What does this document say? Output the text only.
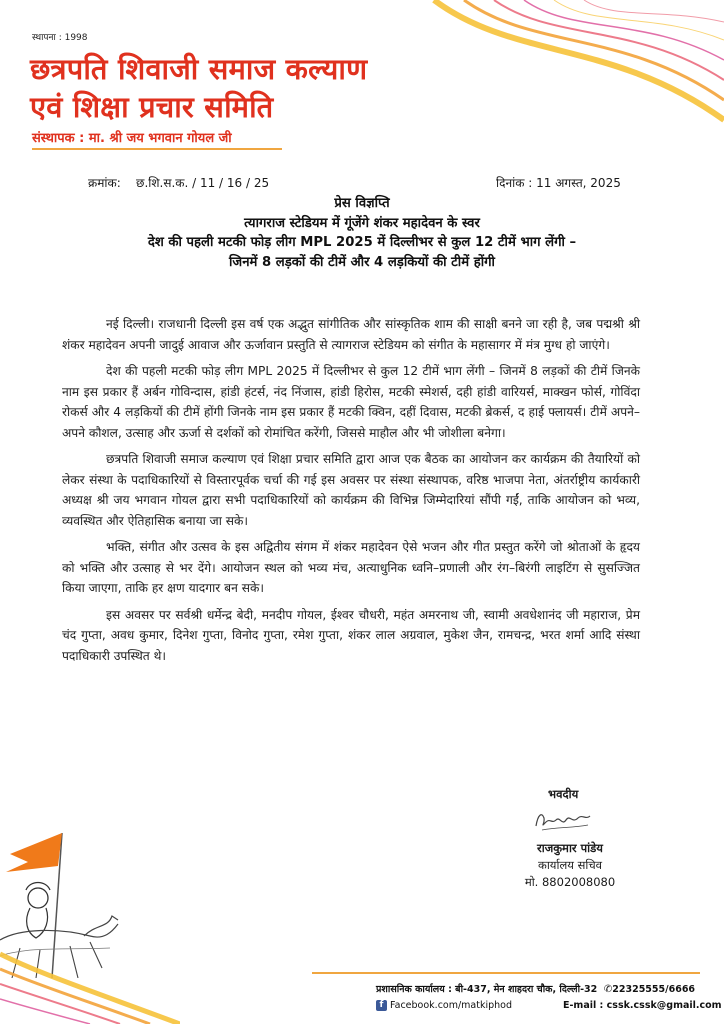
स्थापना : 1998
छत्रपति शिवाजी समाज कल्याण
एवं शिक्षा प्रचार समिति
संस्थापक : मा. श्री जय भगवान गोयल जी
क्रमांक: छ.शि.स.क. / 11 / 16 / 25	दिनांक : 11 अगस्त, 2025
प्रेस विज्ञप्ति
त्यागराज स्टेडियम में गूंजेंगे शंकर महादेवन के स्वर
देश की पहली मटकी फोड़ लीग MPL 2025 में दिल्लीभर से कुल 12 टीमें भाग लेंगी –
जिनमें 8 लड़कों की टीमें और 4 लड़कियों की टीमें होंगी

नई दिल्ली। राजधानी दिल्ली इस वर्ष एक अद्भुत सांगीतिक और सांस्कृतिक शाम की साक्षी बनने जा रही है, जब पद्मश्री श्री शंकर महादेवन अपनी जादुई आवाज और ऊर्जावान प्रस्तुति से त्यागराज स्टेडियम को संगीत के महासागर में मंत्र मुग्ध हो जाएंगे।

देश की पहली मटकी फोड़ लीग MPL 2025 में दिल्लीभर से कुल 12 टीमें भाग लेंगी – जिनमें 8 लड़कों की टीमें जिनके नाम इस प्रकार हैं अर्बन गोविन्दास, हांडी हंटर्स, नंद निंजास, हांडी हिरोस, मटकी स्मेशर्स, दही हांडी वारियर्स, माक्खन फोर्स, गोविंदा रोकर्स और 4 लड़कियों की टीमें होंगी जिनके नाम इस प्रकार हैं मटकी क्विन, दहीं दिवास, मटकी ब्रेकर्स, द हाई फ्लायर्स। टीमें अपने–अपने कौशल, उत्साह और ऊर्जा से दर्शकों को रोमांचित करेंगी, जिससे माहौल और भी जोशीला बनेगा।

छत्रपति शिवाजी समाज कल्याण एवं शिक्षा प्रचार समिति द्वारा आज एक बैठक का आयोजन कर कार्यक्रम की तैयारियों को लेकर संस्था के पदाधिकारियों से विस्तारपूर्वक चर्चा की गई इस अवसर पर संस्था संस्थापक, वरिष्ठ भाजपा नेता, अंतर्राष्ट्रीय कार्यकारी अध्यक्ष श्री जय भगवान गोयल द्वारा सभी पदाधिकारियों को कार्यक्रम की विभिन्न जिम्मेदारियां सौंपी गईं, ताकि आयोजन को भव्य, व्यवस्थित और ऐतिहासिक बनाया जा सके।

भक्ति, संगीत और उत्सव के इस अद्वितीय संगम में शंकर महादेवन ऐसे भजन और गीत प्रस्तुत करेंगे जो श्रोताओं के हृदय को भक्ति और उत्साह से भर देंगे। आयोजन स्थल को भव्य मंच, अत्याधुनिक ध्वनि–प्रणाली और रंग–बिरंगी लाइटिंग से सुसज्जित किया जाएगा, ताकि हर क्षण यादगार बन सके।

इस अवसर पर सर्वश्री धर्मेन्द्र बेदी, मनदीप गोयल, ईश्वर चौधरी, महंत अमरनाथ जी, स्वामी अवधेशानंद जी महाराज, प्रेम चंद गुप्ता, अवध कुमार, दिनेश गुप्ता, विनोद गुप्ता, रमेश गुप्ता, शंकर लाल अग्रवाल, मुकेश जैन, रामचन्द्र, भरत शर्मा आदि संस्था पदाधिकारी उपस्थित थे।

भवदीय
राजकुमार पांडेय
कार्यालय सचिव
मो. 8802008080
प्रशासनिक कार्यालय : बी-437, मेन शाहदरा चौक, दिल्ली-32 ✆22325555/6666
f Facebook.com/matkiphod	E-mail : cssk.cssk@gmail.com
